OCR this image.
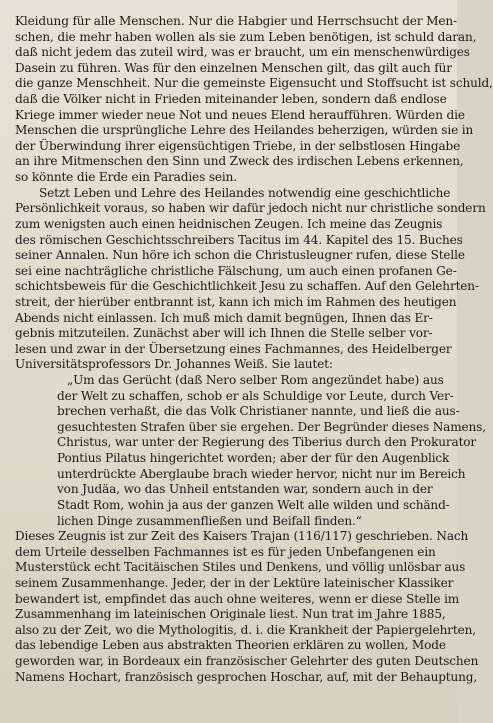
Kleidung für alle Menschen. Nur die Habgier und Herrschsucht der Men-
schen, die mehr haben wollen als sie zum Leben benötigen, ist schuld daran,
daß nicht jedem das zuteil wird, was er braucht, um ein menschenwürdiges
Dasein zu führen. Was für den einzelnen Menschen gilt, das gilt auch für
die ganze Menschheit. Nur die gemeinste Eigensucht und Stoffsucht ist schuld,
daß die Völker nicht in Frieden miteinander leben, sondern daß endlose
Kriege immer wieder neue Not und neues Elend heraufführen. Würden die
Menschen die ursprüngliche Lehre des Heilandes beherzigen, würden sie in
der Überwindung ihrer eigensüchtigen Triebe, in der selbstlosen Hingabe
an ihre Mitmenschen den Sinn und Zweck des irdischen Lebens erkennen,
so könnte die Erde ein Paradies sein.
Setzt Leben und Lehre des Heilandes notwendig eine geschichtliche
Persönlichkeit voraus, so haben wir dafür jedoch nicht nur christliche sondern
zum wenigsten auch einen heidnischen Zeugen. Ich meine das Zeugnis
des römischen Geschichtsschreibers Tacitus im 44. Kapitel des 15. Buches
seiner Annalen. Nun höre ich schon die Christusleugner rufen, diese Stelle
sei eine nachträgliche christliche Fälschung, um auch einen profanen Ge-
schichtsbeweis für die Geschichtlichkeit Jesu zu schaffen. Auf den Gelehrten-
streit, der hierüber entbrannt ist, kann ich mich im Rahmen des heutigen
Abends nicht einlassen. Ich muß mich damit begnügen, Ihnen das Er-
gebnis mitzuteilen. Zunächst aber will ich Ihnen die Stelle selber vor-
lesen und zwar in der Übersetzung eines Fachmannes, des Heidelberger
Universitätsprofessors Dr. Johannes Weiß. Sie lautet:
„Um das Gerücht (daß Nero selber Rom angezündet habe) aus
der Welt zu schaffen, schob er als Schuldige vor Leute, durch Ver-
brechen verhaßt, die das Volk Christianer nannte, und ließ die aus-
gesuchtesten Strafen über sie ergehen. Der Begründer dieses Namens,
Christus, war unter der Regierung des Tiberius durch den Prokurator
Pontius Pilatus hingerichtet worden; aber der für den Augenblick
unterdrückte Aberglaube brach wieder hervor, nicht nur im Bereich
von Judäa, wo das Unheil entstanden war, sondern auch in der
Stadt Rom, wohin ja aus der ganzen Welt alle wilden und schänd-
lichen Dinge zusammenfließen und Beifall finden.“
Dieses Zeugnis ist zur Zeit des Kaisers Trajan (116/117) geschrieben. Nach
dem Urteile desselben Fachmannes ist es für jeden Unbefangenen ein
Musterstück echt Tacitäischen Stiles und Denkens, und völlig unlösbar aus
seinem Zusammenhange. Jeder, der in der Lektüre lateinischer Klassiker
bewandert ist, empfindet das auch ohne weiteres, wenn er diese Stelle im
Zusammenhang im lateinischen Originale liest. Nun trat im Jahre 1885,
also zu der Zeit, wo die Mythologitis, d. i. die Krankheit der Papiergelehrten,
das lebendige Leben aus abstrakten Theorien erklären zu wollen, Mode
geworden war, in Bordeaux ein französischer Gelehrter des guten Deutschen
Namens Hochart, französisch gesprochen Hoschar, auf, mit der Behauptung,
